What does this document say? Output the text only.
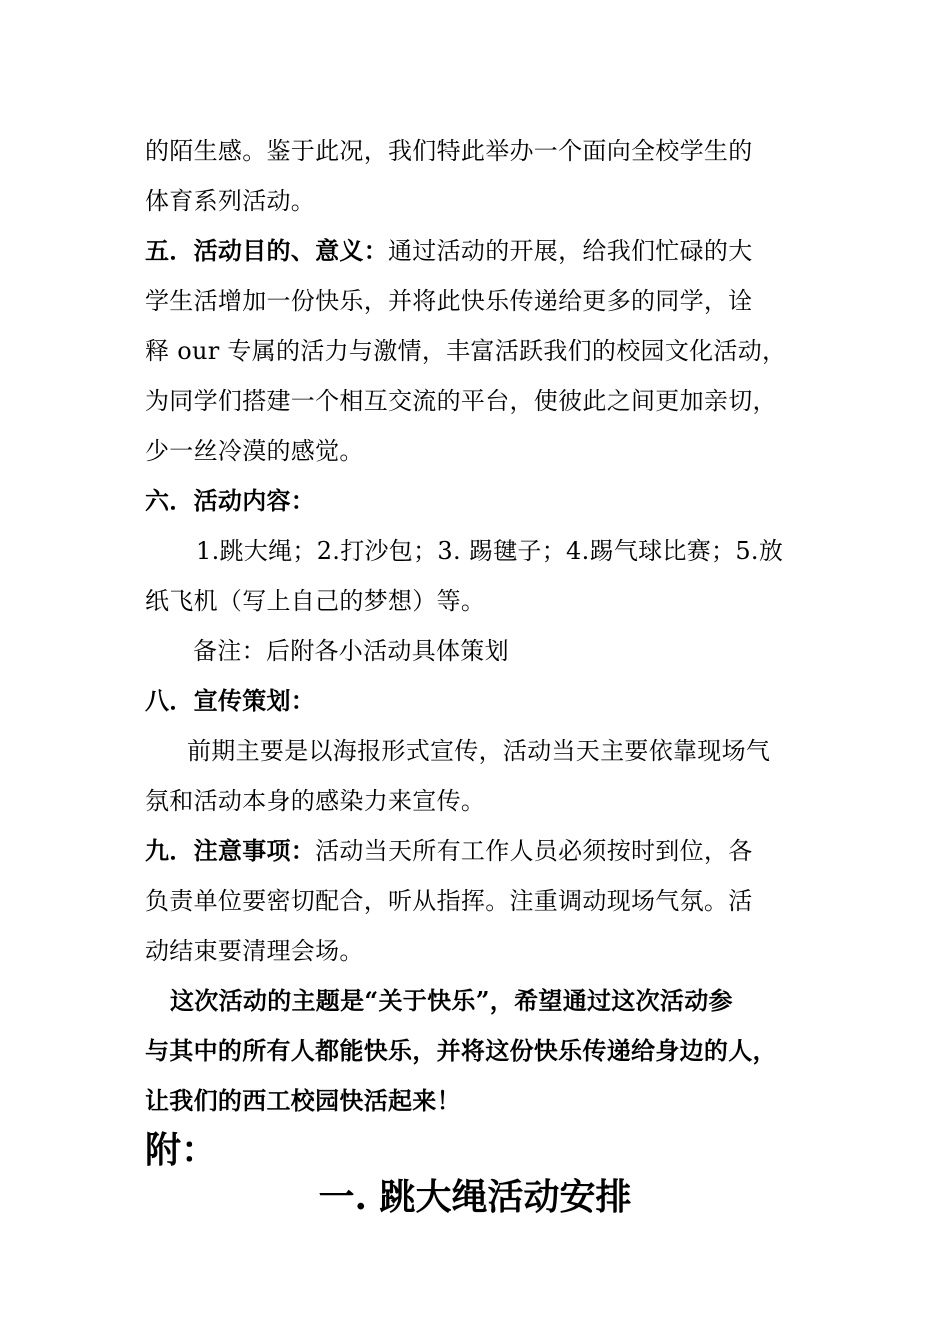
的陌生感。鉴于此况，我们特此举办一个面向全校学生的
体育系列活动。
五．活动目的、意义：通过活动的开展，给我们忙碌的大
学生活增加一份快乐，并将此快乐传递给更多的同学，诠
释 our 专属的活力与激情，丰富活跃我们的校园文化活动，
为同学们搭建一个相互交流的平台，使彼此之间更加亲切，
少一丝冷漠的感觉。
六．活动内容：
1.跳大绳；2.打沙包；3. 踢毽子；4.踢气球比赛；5.放
纸飞机（写上自己的梦想）等。
备注：后附各小活动具体策划
八．宣传策划：
前期主要是以海报形式宣传，活动当天主要依靠现场气
氛和活动本身的感染力来宣传。
九．注意事项：活动当天所有工作人员必须按时到位，各
负责单位要密切配合，听从指挥。注重调动现场气氛。活
动结束要清理会场。
这次活动的主题是“关于快乐”，希望通过这次活动参
与其中的所有人都能快乐，并将这份快乐传递给身边的人，
让我们的西工校园快活起来！
附：
一. 跳大绳活动安排
